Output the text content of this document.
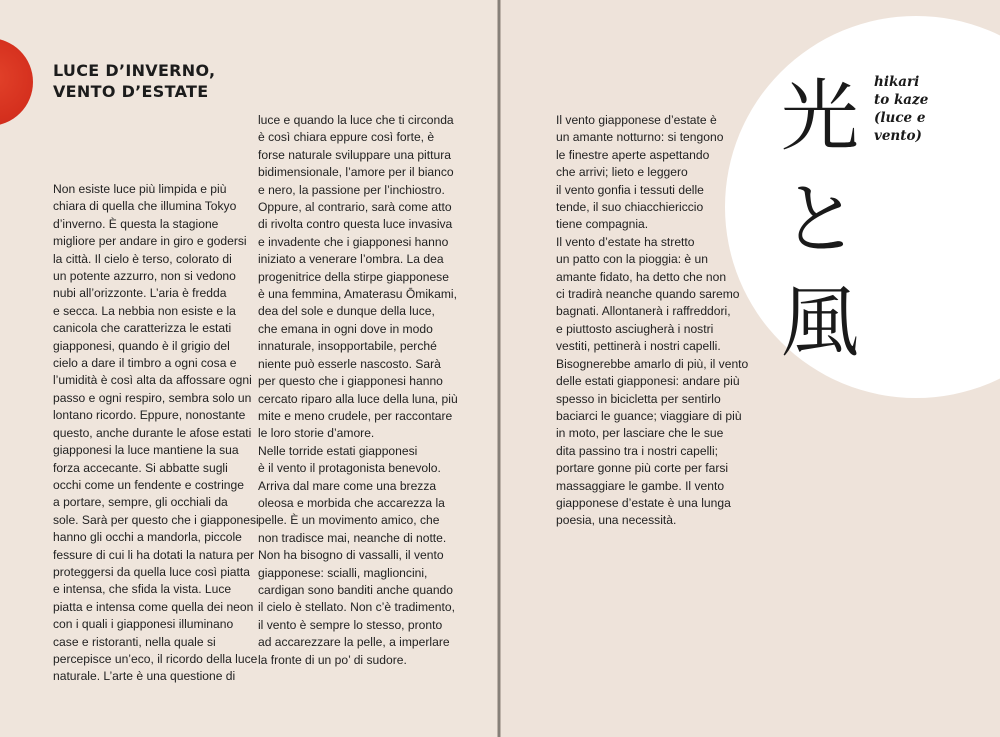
LUCE D’INVERNO,
VENTO D’ESTATE

Non esiste luce più limpida e più
chiara di quella che illumina Tokyo
d’inverno. È questa la stagione
migliore per andare in giro e godersi
la città. Il cielo è terso, colorato di
un potente azzurro, non si vedono
nubi all’orizzonte. L’aria è fredda
e secca. La nebbia non esiste e la
canicola che caratterizza le estati
giapponesi, quando è il grigio del
cielo a dare il timbro a ogni cosa e
l’umidità è così alta da affossare ogni
passo e ogni respiro, sembra solo un
lontano ricordo. Eppure, nonostante
questo, anche durante le afose estati
giapponesi la luce mantiene la sua
forza accecante. Si abbatte sugli
occhi come un fendente e costringe
a portare, sempre, gli occhiali da
sole. Sarà per questo che i giapponesi
hanno gli occhi a mandorla, piccole
fessure di cui li ha dotati la natura per
proteggersi da quella luce così piatta
e intensa, che sfida la vista. Luce
piatta e intensa come quella dei neon
con i quali i giapponesi illuminano
case e ristoranti, nella quale si
percepisce un’eco, il ricordo della luce
naturale. L’arte è una questione di

luce e quando la luce che ti circonda
è così chiara eppure così forte, è
forse naturale sviluppare una pittura
bidimensionale, l’amore per il bianco
e nero, la passione per l’inchiostro.
Oppure, al contrario, sarà come atto
di rivolta contro questa luce invasiva
e invadente che i giapponesi hanno
iniziato a venerare l’ombra. La dea
progenitrice della stirpe giapponese
è una femmina, Amaterasu Ōmikami,
dea del sole e dunque della luce,
che emana in ogni dove in modo
innaturale, insopportabile, perché
niente può esserle nascosto. Sarà
per questo che i giapponesi hanno
cercato riparo alla luce della luna, più
mite e meno crudele, per raccontare
le loro storie d’amore.
Nelle torride estati giapponesi
è il vento il protagonista benevolo.
Arriva dal mare come una brezza
oleosa e morbida che accarezza la
pelle. È un movimento amico, che
non tradisce mai, neanche di notte.
Non ha bisogno di vassalli, il vento
giapponese: scialli, maglioncini,
cardigan sono banditi anche quando
il cielo è stellato. Non c’è tradimento,
il vento è sempre lo stesso, pronto
ad accarezzare la pelle, a imperlare
la fronte di un po’ di sudore.

光
と
風
hikari
to kaze
(luce e
vento)

Il vento giapponese d’estate è
un amante notturno: si tengono
le finestre aperte aspettando
che arrivi; lieto e leggero
il vento gonfia i tessuti delle
tende, il suo chiacchiericcio
tiene compagnia.
Il vento d’estate ha stretto
un patto con la pioggia: è un
amante fidato, ha detto che non
ci tradirà neanche quando saremo
bagnati. Allontanerà i raffreddori,
e piuttosto asciugherà i nostri
vestiti, pettinerà i nostri capelli.
Bisognerebbe amarlo di più, il vento
delle estati giapponesi: andare più
spesso in bicicletta per sentirlo
baciarci le guance; viaggiare di più
in moto, per lasciare che le sue
dita passino tra i nostri capelli;
portare gonne più corte per farsi
massaggiare le gambe. Il vento
giapponese d’estate è una lunga
poesia, una necessità.
